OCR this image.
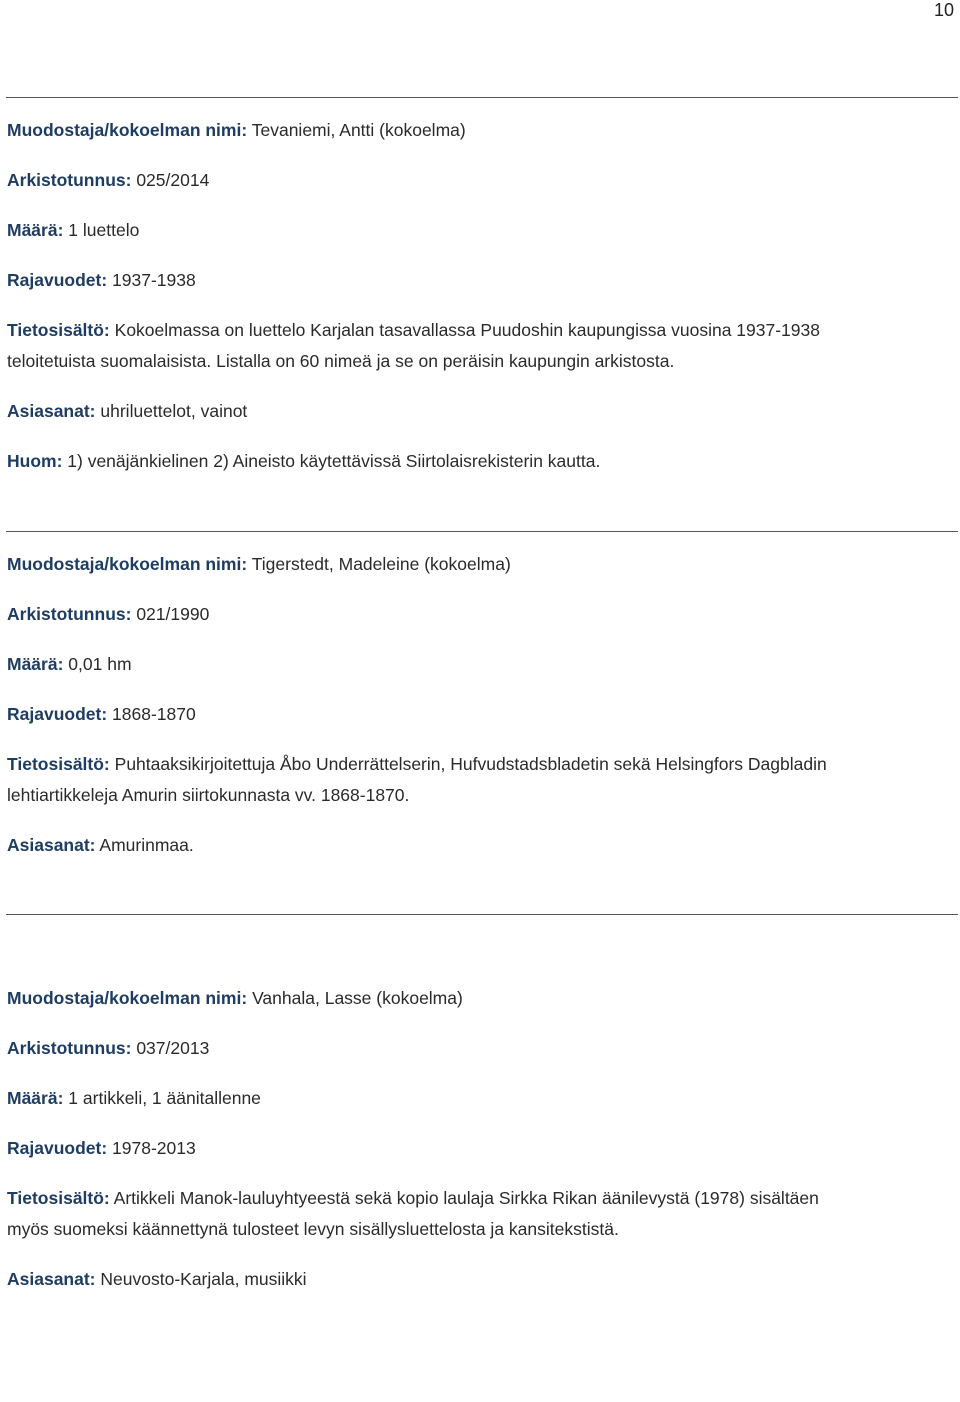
10
Muodostaja/kokoelman nimi: Tevaniemi, Antti (kokoelma)
Arkistotunnus: 025/2014
Määrä: 1 luettelo
Rajavuodet: 1937-1938
Tietosisältö: Kokoelmassa on luettelo Karjalan tasavallassa Puudoshin kaupungissa vuosina 1937-1938
teloitetuista suomalaisista. Listalla on 60 nimeä ja se on peräisin kaupungin arkistosta.
Asiasanat: uhriluettelot, vainot
Huom: 1) venäjänkielinen 2) Aineisto käytettävissä Siirtolaisrekisterin kautta.
Muodostaja/kokoelman nimi: Tigerstedt, Madeleine (kokoelma)
Arkistotunnus: 021/1990
Määrä: 0,01 hm
Rajavuodet: 1868-1870
Tietosisältö: Puhtaaksikirjoitettuja Åbo Underrättelserin, Hufvudstadsbladetin sekä Helsingfors Dagbladin
lehtiartikkeleja Amurin siirtokunnasta vv. 1868-1870.
Asiasanat: Amurinmaa.
Muodostaja/kokoelman nimi: Vanhala, Lasse (kokoelma)
Arkistotunnus: 037/2013
Määrä: 1 artikkeli, 1 äänitallenne
Rajavuodet: 1978-2013
Tietosisältö: Artikkeli Manok-lauluyhtyeestä sekä kopio laulaja Sirkka Rikan äänilevystä (1978) sisältäen
myös suomeksi käännettynä tulosteet levyn sisällysluettelosta ja kansitekstistä.
Asiasanat: Neuvosto-Karjala, musiikki
